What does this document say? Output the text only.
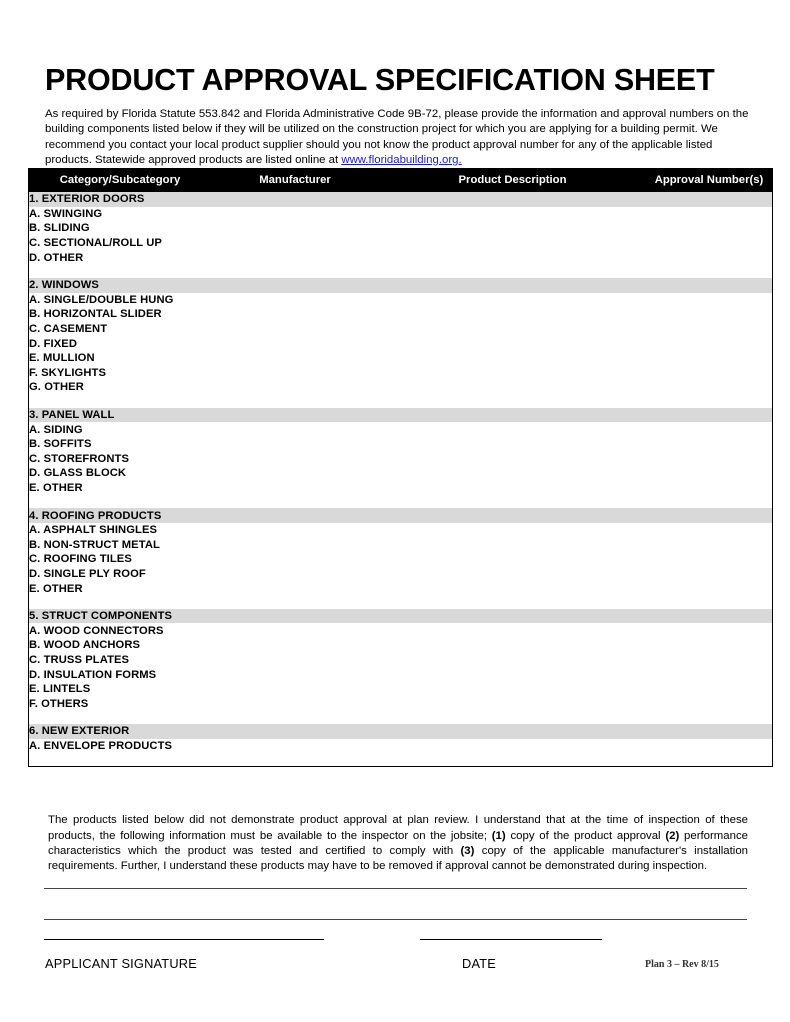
PRODUCT APPROVAL SPECIFICATION SHEET

As required by Florida Statute 553.842 and Florida Administrative Code 9B-72, please provide the information and approval numbers on the building components listed below if they will be utilized on the construction project for which you are applying for a building permit. We recommend you contact your local product supplier should you not know the product approval number for any of the applicable listed products. Statewide approved products are listed online at www.floridabuilding.org.

Category/Subcategory	Manufacturer	Product Description	Approval Number(s)
1. EXTERIOR DOORS			
A. SWINGING			
B. SLIDING			
C. SECTIONAL/ROLL UP			
D. OTHER			

2. WINDOWS			
A. SINGLE/DOUBLE HUNG			
B. HORIZONTAL SLIDER			
C. CASEMENT			
D. FIXED			
E. MULLION			
F. SKYLIGHTS			
G. OTHER			

3. PANEL WALL			
A. SIDING			
B. SOFFITS			
C. STOREFRONTS			
D. GLASS BLOCK			
E. OTHER			

4. ROOFING PRODUCTS			
A. ASPHALT SHINGLES			
B. NON-STRUCT METAL			
C. ROOFING TILES			
D. SINGLE PLY ROOF			
E. OTHER			

5. STRUCT COMPONENTS			
A. WOOD CONNECTORS			
B. WOOD ANCHORS			
C. TRUSS PLATES			
D. INSULATION FORMS			
E. LINTELS			
F. OTHERS			

6. NEW EXTERIOR			
A. ENVELOPE PRODUCTS			

The products listed below did not demonstrate product approval at plan review. I understand that at the time of inspection of these products, the following information must be available to the inspector on the jobsite; (1) copy of the product approval (2) performance characteristics which the product was tested and certified to comply with (3) copy of the applicable manufacturer's installation requirements. Further, I understand these products may have to be removed if approval cannot be demonstrated during inspection.

APPLICANT SIGNATURE	DATE	Plan 3 – Rev 8/15
